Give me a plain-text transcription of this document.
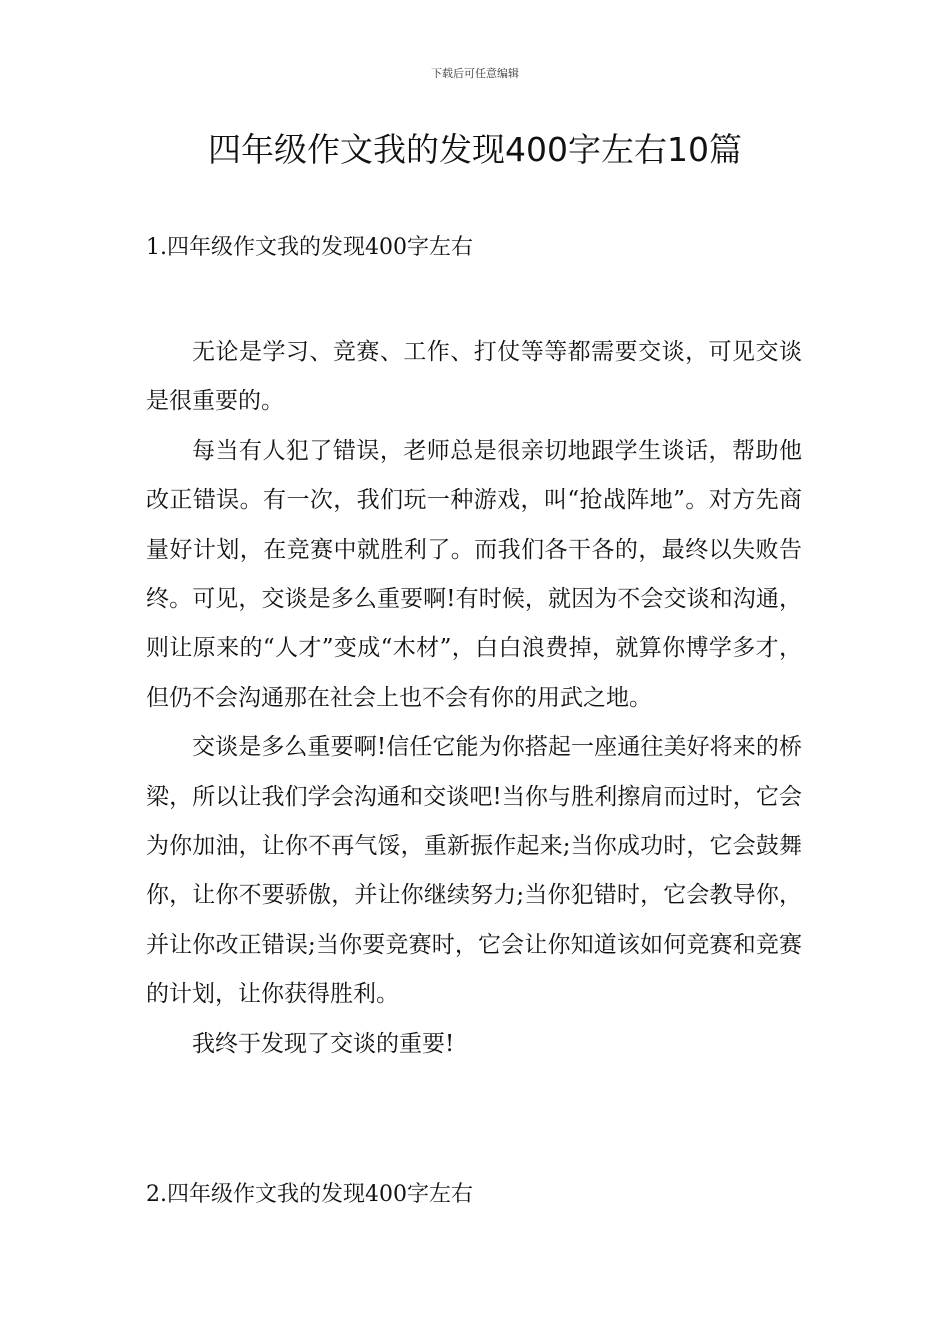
下载后可任意编辑
四年级作文我的发现400字左右10篇
1.四年级作文我的发现400字左右

无论是学习、竞赛、工作、打仗等等都需要交谈，可见交谈是很重要的。

每当有人犯了错误，老师总是很亲切地跟学生谈话，帮助他改正错误。有一次，我们玩一种游戏，叫“抢战阵地”。对方先商量好计划，在竞赛中就胜利了。而我们各干各的，最终以失败告终。可见，交谈是多么重要啊!有时候，就因为不会交谈和沟通，则让原来的“人才”变成“木材”，白白浪费掉，就算你博学多才，但仍不会沟通那在社会上也不会有你的用武之地。

交谈是多么重要啊!信任它能为你搭起一座通往美好将来的桥梁，所以让我们学会沟通和交谈吧!当你与胜利擦肩而过时，它会为你加油，让你不再气馁，重新振作起来;当你成功时，它会鼓舞你，让你不要骄傲，并让你继续努力;当你犯错时，它会教导你，并让你改正错误;当你要竞赛时，它会让你知道该如何竞赛和竞赛的计划，让你获得胜利。

我终于发现了交谈的重要!

2.四年级作文我的发现400字左右
